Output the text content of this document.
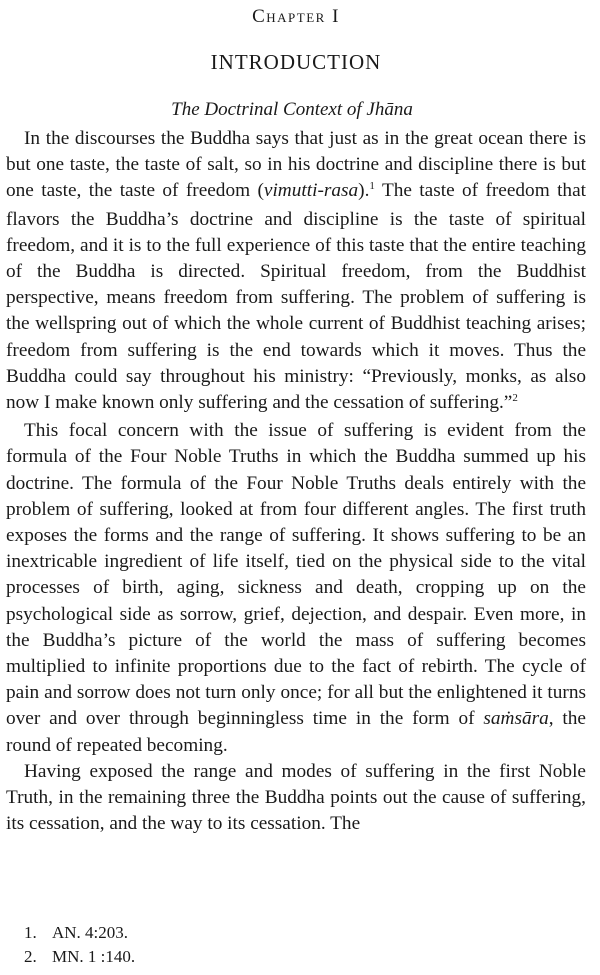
Chapter I
INTRODUCTION
The Doctrinal Context of Jhāna

In the discourses the Buddha says that just as in the great ocean there is but one taste, the taste of salt, so in his doctrine and discipline there is but one taste, the taste of freedom (vimutti-rasa).$^1$ The taste of freedom that flavors the Buddha’s doctrine and discipline is the taste of spiritual freedom, and it is to the full experience of this taste that the entire teaching of the Buddha is directed. Spiritual freedom, from the Buddhist perspective, means freedom from suffering. The problem of suffering is the wellspring out of which the whole current of Buddhist teaching arises; freedom from suffering is the end towards which it moves. Thus the Buddha could say throughout his ministry: “Previously, monks, as also now I make known only suffering and the cessation of suffering.”$^2$

This focal concern with the issue of suffering is evident from the formula of the Four Noble Truths in which the Buddha summed up his doctrine. The formula of the Four Noble Truths deals entirely with the problem of suffering, looked at from four different angles. The first truth exposes the forms and the range of suffering. It shows suffering to be an inextricable ingredient of life itself, tied on the physical side to the vital processes of birth, aging, sickness and death, cropping up on the psychological side as sorrow, grief, dejection, and despair. Even more, in the Buddha’s picture of the world the mass of suffering becomes multiplied to infinite proportions due to the fact of rebirth. The cycle of pain and sorrow does not turn only once; for all but the enlightened it turns over and over through beginningless time in the form of saṁsāra, the round of repeated becoming.

Having exposed the range and modes of suffering in the first Noble Truth, in the remaining three the Buddha points out the cause of suffering, its cessation, and the way to its cessation. The

1. AN. 4:203.
2. MN. 1 :140.
